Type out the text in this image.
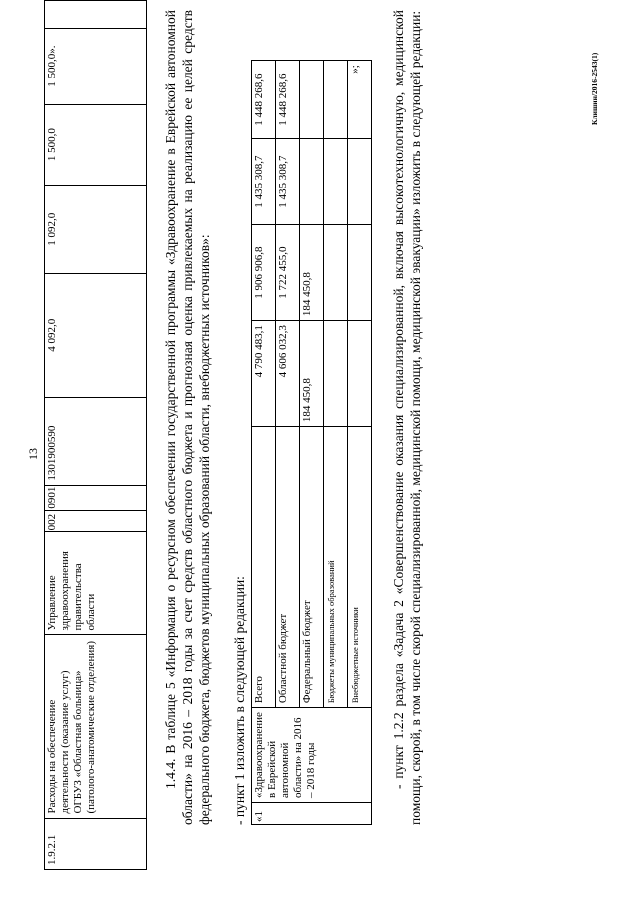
13
1.9.2.1	Расходы на обеспечение деятельности (оказание услуг) ОГБУЗ «Областная больница» (патолого-анатомические отделения)	Управление здравоохранения правительства области	002	0901	1301900590	4 092,0	1 092,0	1 500,0	1 500,0».		1.4.4. В таблице 5 «Информация о ресурсном обеспечении государственной программы «Здравоохранение в Еврейской автономной области» на 2016 – 2018 годы за счет средств областного бюджета и прогнозная оценка привлекаемых на реализацию ее целей средств федерального бюджета, бюджетов муниципальных образований области, внебюджетных источников»: - пункт 1 изложить в следующей редакции: «1	«Здравоохранение в Еврейской автономной области» на 2016 – 2018 годы	Всего	4 790 483,1	1 906 906,8	1 435 308,7	1 448 268,6
		Областной бюджет	4 606 032,3	1 722 455,0	1 435 308,7	1 448 268,6
		Федеральный бюджет	184 450,8	184 450,8		
		Бюджеты муниципальных образований				
		Внебюджетные источники				»; - пункт 1.2.2 раздела «Задача 2 «Совершенствование оказания специализированной, включая высокотехнологичную, медицинской помощи, скорой, в том числе скорой специализированной, медицинской помощи, медицинской эвакуации» изложить в следующей редакции:	Клишин/2016-2543(1)
